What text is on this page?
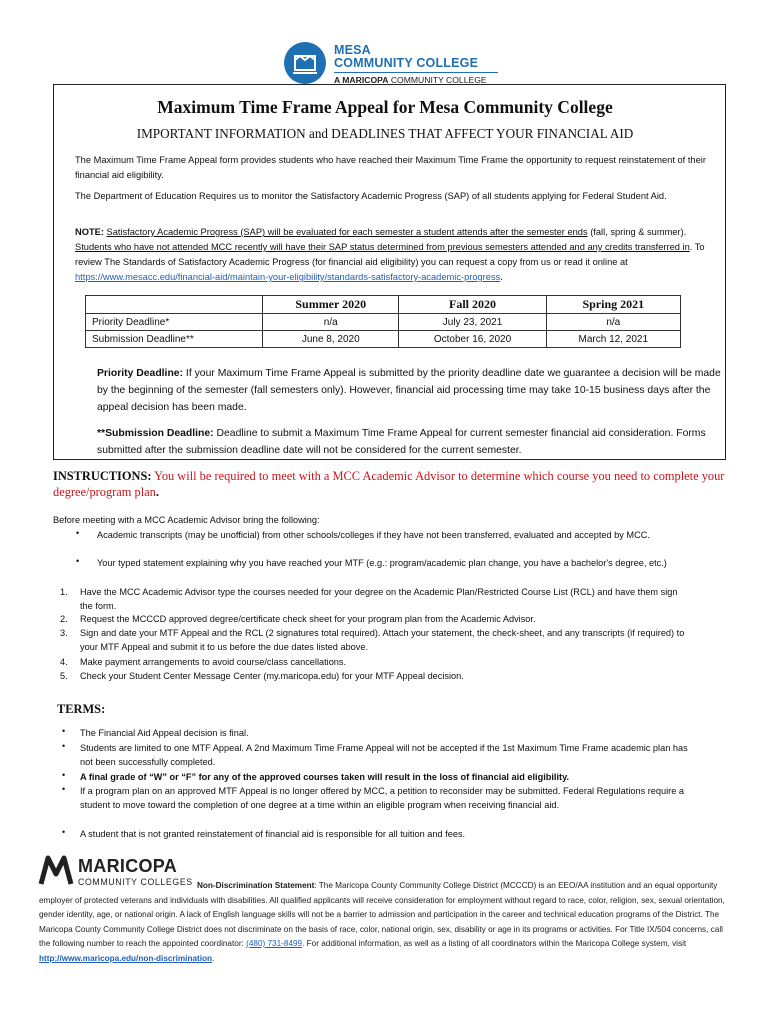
MESA
COMMUNITY COLLEGE
A MARICOPA COMMUNITY COLLEGE
Maximum Time Frame Appeal for Mesa Community College
IMPORTANT INFORMATION and DEADLINES THAT AFFECT YOUR FINANCIAL AID
The Maximum Time Frame Appeal form provides students who have reached their Maximum Time Frame the opportunity to request reinstatement of their financial aid eligibility.
The Department of Education Requires us to monitor the Satisfactory Academic Progress (SAP) of all students applying for Federal Student Aid.
NOTE: Satisfactory Academic Progress (SAP) will be evaluated for each semester a student attends after the semester ends (fall, spring & summer). Students who have not attended MCC recently will have their SAP status determined from previous semesters attended and any credits transferred in. To review The Standards of Satisfactory Academic Progress (for financial aid eligibility) you can request a copy from us or read it online at https://www.mesacc.edu/financial-aid/maintain-your-eligibility/standards-satisfactory-academic-progress.
	Summer 2020	Fall 2020	Spring 2021
Priority Deadline*	n/a	July 23, 2021	n/a
Submission Deadline**	June 8, 2020	October 16, 2020	March 12, 2021
Priority Deadline: If your Maximum Time Frame Appeal is submitted by the priority deadline date we guarantee a decision will be made by the beginning of the semester (fall semesters only). However, financial aid processing time may take 10-15 business days after the appeal decision has been made.
**Submission Deadline: Deadline to submit a Maximum Time Frame Appeal for current semester financial aid consideration. Forms submitted after the submission deadline date will not be considered for the current semester.
INSTRUCTIONS: You will be required to meet with a MCC Academic Advisor to determine which course you need to complete your degree/program plan.
Before meeting with a MCC Academic Advisor bring the following:
• Academic transcripts (may be unofficial) from other schools/colleges if they have not been transferred, evaluated and accepted by MCC.
• Your typed statement explaining why you have reached your MTF (e.g.: program/academic plan change, you have a bachelor's degree, etc.)
1. Have the MCC Academic Advisor type the courses needed for your degree on the Academic Plan/Restricted Course List (RCL) and have them sign the form.
2. Request the MCCCD approved degree/certificate check sheet for your program plan from the Academic Advisor.
3. Sign and date your MTF Appeal and the RCL (2 signatures total required). Attach your statement, the check-sheet, and any transcripts (if required) to your MTF Appeal and submit it to us before the due dates listed above.
4. Make payment arrangements to avoid course/class cancellations.
5. Check your Student Center Message Center (my.maricopa.edu) for your MTF Appeal decision.
TERMS:
• The Financial Aid Appeal decision is final.
• Students are limited to one MTF Appeal. A 2nd Maximum Time Frame Appeal will not be accepted if the 1st Maximum Time Frame academic plan has not been successfully completed.
• A final grade of “W” or “F” for any of the approved courses taken will result in the loss of financial aid eligibility.
• If a program plan on an approved MTF Appeal is no longer offered by MCC, a petition to reconsider may be submitted. Federal Regulations require a student to move toward the completion of one degree at a time within an eligible program when receiving financial aid.
• A student that is not granted reinstatement of financial aid is responsible for all tuition and fees.
MARICOPA
COMMUNITY COLLEGES Non-Discrimination Statement: The Maricopa County Community College District (MCCCD) is an EEO/AA institution and an equal opportunity employer of protected veterans and individuals with disabilities. All qualified applicants will receive consideration for employment without regard to race, color, religion, sex, sexual orientation, gender identity, age, or national origin. A lack of English language skills will not be a barrier to admission and participation in the career and technical education programs of the District. The Maricopa County Community College District does not discriminate on the basis of race, color, national origin, sex, disability or age in its programs or activities. For Title IX/504 concerns, call the following number to reach the appointed coordinator: (480) 731-8499. For additional information, as well as a listing of all coordinators within the Maricopa College system, visit http://www.maricopa.edu/non-discrimination.
